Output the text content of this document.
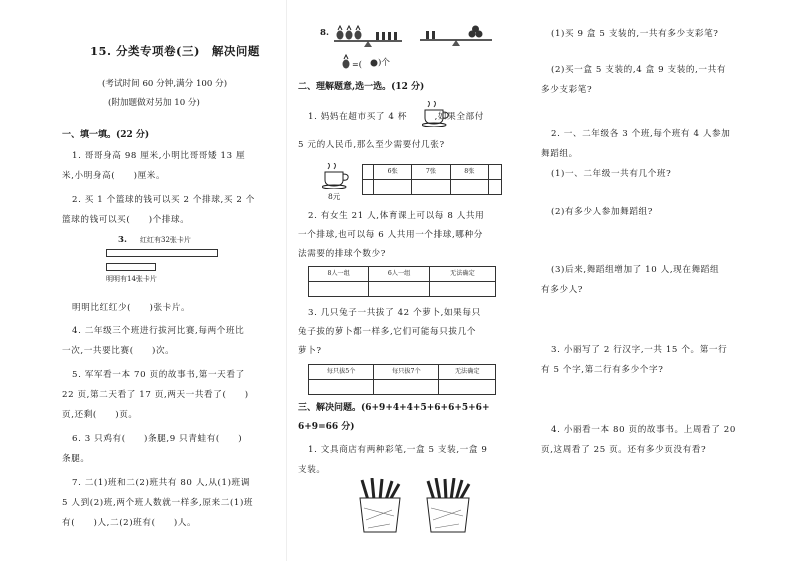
15. 分类专项卷(三)　解决问题
(考试时间 60 分钟,满分 100 分)
(附加题做对另加 10 分)
一、填一填。(22 分)
1. 哥哥身高 98 厘米,小明比哥哥矮 13 厘
米,小明身高(　　)厘米。
2. 买 1 个篮球的钱可以买 2 个排球,买 2 个
篮球的钱可以买(　　)个排球。
3. 红红有32张卡片
明明有14张卡片
明明比红红少(　　)张卡片。
4. 二年级三个班进行拔河比赛,每两个班比
一次,一共要比赛(　　)次。
5. 军军看一本 70 页的故事书,第一天看了
22 页,第二天看了 17 页,两天一共看了(　　)
页,还剩(　　)页。
6. 3 只鸡有(　　)条腿,9 只青蛙有(　　)
条腿。
7. 二(1)班和二(2)班共有 80 人,从(1)班调
5 人到(2)班,两个班人数就一样多,原来二(1)班
有(　　)人,二(2)班有(　　)人。
8.
=( )个
二、理解题意,选一选。(12 分)
1. 妈妈在超市买了 4 杯　　　,如果全部付
5 元的人民币,那么至少需要付几张?
8元
	6张	7张	8张	

2. 有女生 21 人,体育课上可以每 8 人共用
一个排球,也可以每 6 人共用一个排球,哪种分
法需要的排球个数少?
8人一组	6人一组	无法确定

3. 几只兔子一共拔了 42 个萝卜,如果每只
兔子拔的萝卜都一样多,它们可能每只拔几个
萝卜?
每只拔5个	每只拔7个	无法确定

三、解决问题。(6+9+4+4+5+6+6+5+6+
6+9=66 分)
1. 文具商店有两种彩笔,一盒 5 支装,一盒 9
支装。
(1)买 9 盒 5 支装的,一共有多少支彩笔?
(2)买一盒 5 支装的,4 盒 9 支装的,一共有
多少支彩笔?
2. 一、二年级各 3 个班,每个班有 4 人参加
舞蹈组。
(1)一、二年级一共有几个班?
(2)有多少人参加舞蹈组?
(3)后来,舞蹈组增加了 10 人,现在舞蹈组
有多少人?
3. 小丽写了 2 行汉字,一共 15 个。第一行
有 5 个字,第二行有多少个字?
4. 小丽看一本 80 页的故事书。上周看了 20
页,这周看了 25 页。还有多少页没有看?
